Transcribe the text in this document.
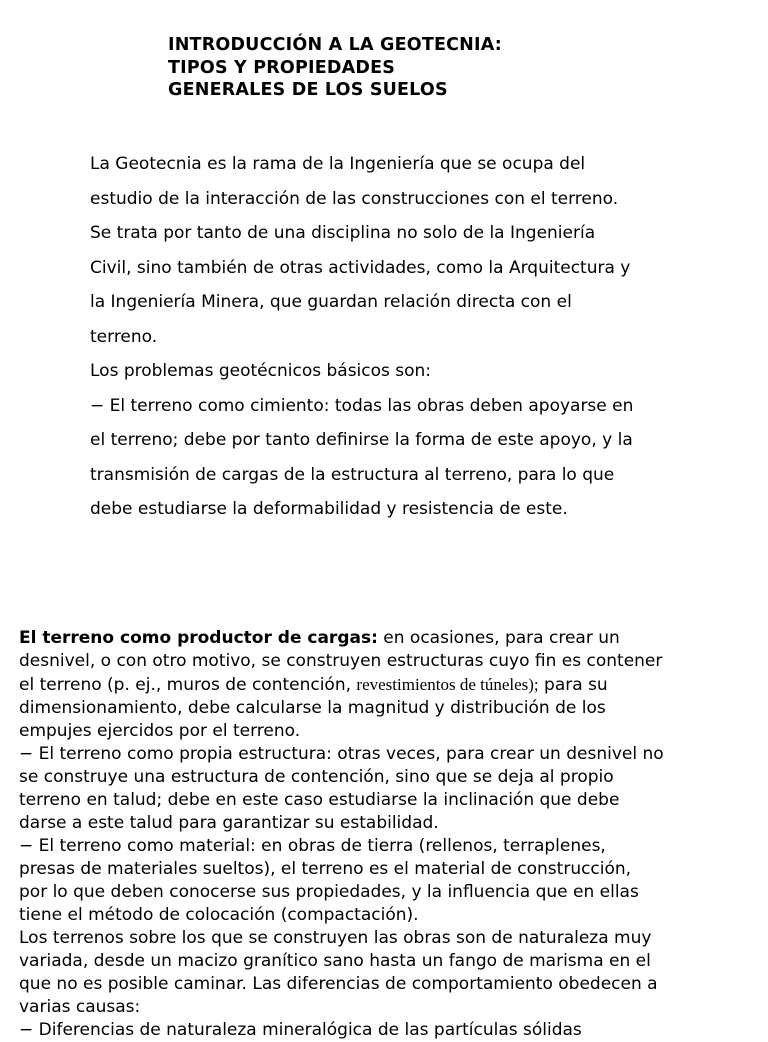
INTRODUCCIÓN A LA GEOTECNIA:
TIPOS Y PROPIEDADES
GENERALES DE LOS SUELOS
La Geotecnia es la rama de la Ingeniería que se ocupa del
estudio de la interacción de las construcciones con el terreno.
Se trata por tanto de una disciplina no solo de la Ingeniería
Civil, sino también de otras actividades, como la Arquitectura y
la Ingeniería Minera, que guardan relación directa con el
terreno.
Los problemas geotécnicos básicos son:
− El terreno como cimiento: todas las obras deben apoyarse en
el terreno; debe por tanto definirse la forma de este apoyo, y la
transmisión de cargas de la estructura al terreno, para lo que
debe estudiarse la deformabilidad y resistencia de este.
El terreno como productor de cargas: en ocasiones, para crear un
desnivel, o con otro motivo, se construyen estructuras cuyo fin es contener
el terreno (p. ej., muros de contención, revestimientos de túneles); para su
dimensionamiento, debe calcularse la magnitud y distribución de los
empujes ejercidos por el terreno.
− El terreno como propia estructura: otras veces, para crear un desnivel no
se construye una estructura de contención, sino que se deja al propio
terreno en talud; debe en este caso estudiarse la inclinación que debe
darse a este talud para garantizar su estabilidad.
− El terreno como material: en obras de tierra (rellenos, terraplenes,
presas de materiales sueltos), el terreno es el material de construcción,
por lo que deben conocerse sus propiedades, y la influencia que en ellas
tiene el método de colocación (compactación).
Los terrenos sobre los que se construyen las obras son de naturaleza muy
variada, desde un macizo granítico sano hasta un fango de marisma en el
que no es posible caminar. Las diferencias de comportamiento obedecen a
varias causas:
− Diferencias de naturaleza mineralógica de las partículas sólidas
